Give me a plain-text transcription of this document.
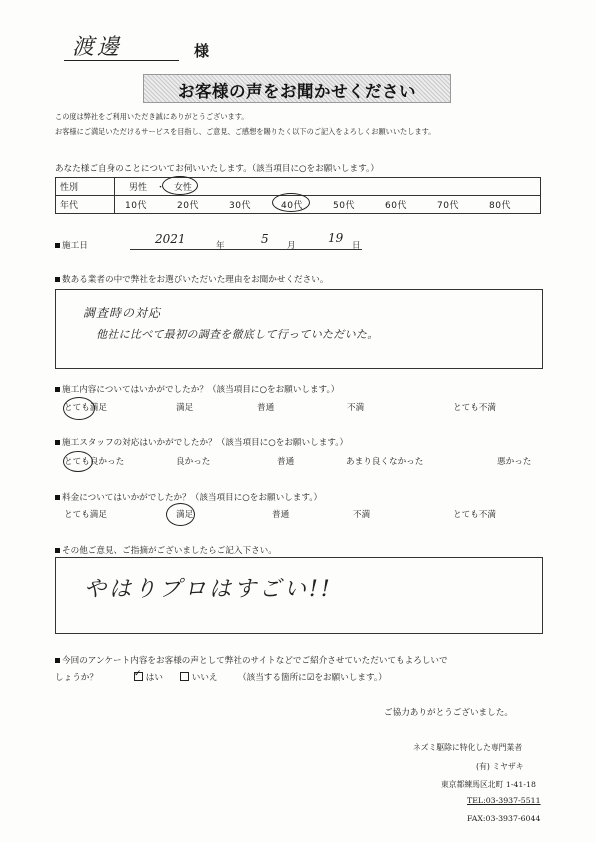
渡邊	様
お客様の声をお聞かせください
この度は弊社をご利用いただき誠にありがとうございます。
お客様にご満足いただけるサービスを目指し、ご意見、ご感想を賜りたく以下のご記入をよろしくお願いいたします。
あなた様ご自身のことについてお伺いいたします。（該当項目に○をお願いします。）
性別	男性　・　女性
年代	10代 20代 30代 40代 50代 60代 70代 80代
施工日	2021	年	5 月
19
日
数ある業者の中で弊社をお選びいただいた理由をお聞かせください。
調査時の対応
他社に比べて最初の調査を徹底して行っていただいた。
施工内容についてはいかがでしたか？（該当項目に○をお願いします。）
とても満足	満足	普通	不満	とても不満
施工スタッフの対応はいかがでしたか？（該当項目に○をお願いします。）
とても良かった	良かった	普通	あまり良くなかった	悪かった
料金についてはいかがでしたか？（該当項目に○をお願いします。）
とても満足	満足	普通	不満	とても不満
その他ご意見、ご指摘がございましたらご記入下さい。
やはりプロはすごい!!
今回のアンケート内容をお客様の声として弊社のサイトなどでご紹介させていただいてもよろしいで
しょうか？	✓ はい	いいえ （該当する箇所に☑をお願いします。）
ご協力ありがとうございました。
ネズミ駆除に特化した専門業者
(有) ミヤザキ
東京都練馬区北町 1-41-18
TEL:03-3937-5511
FAX:03-3937-6044
